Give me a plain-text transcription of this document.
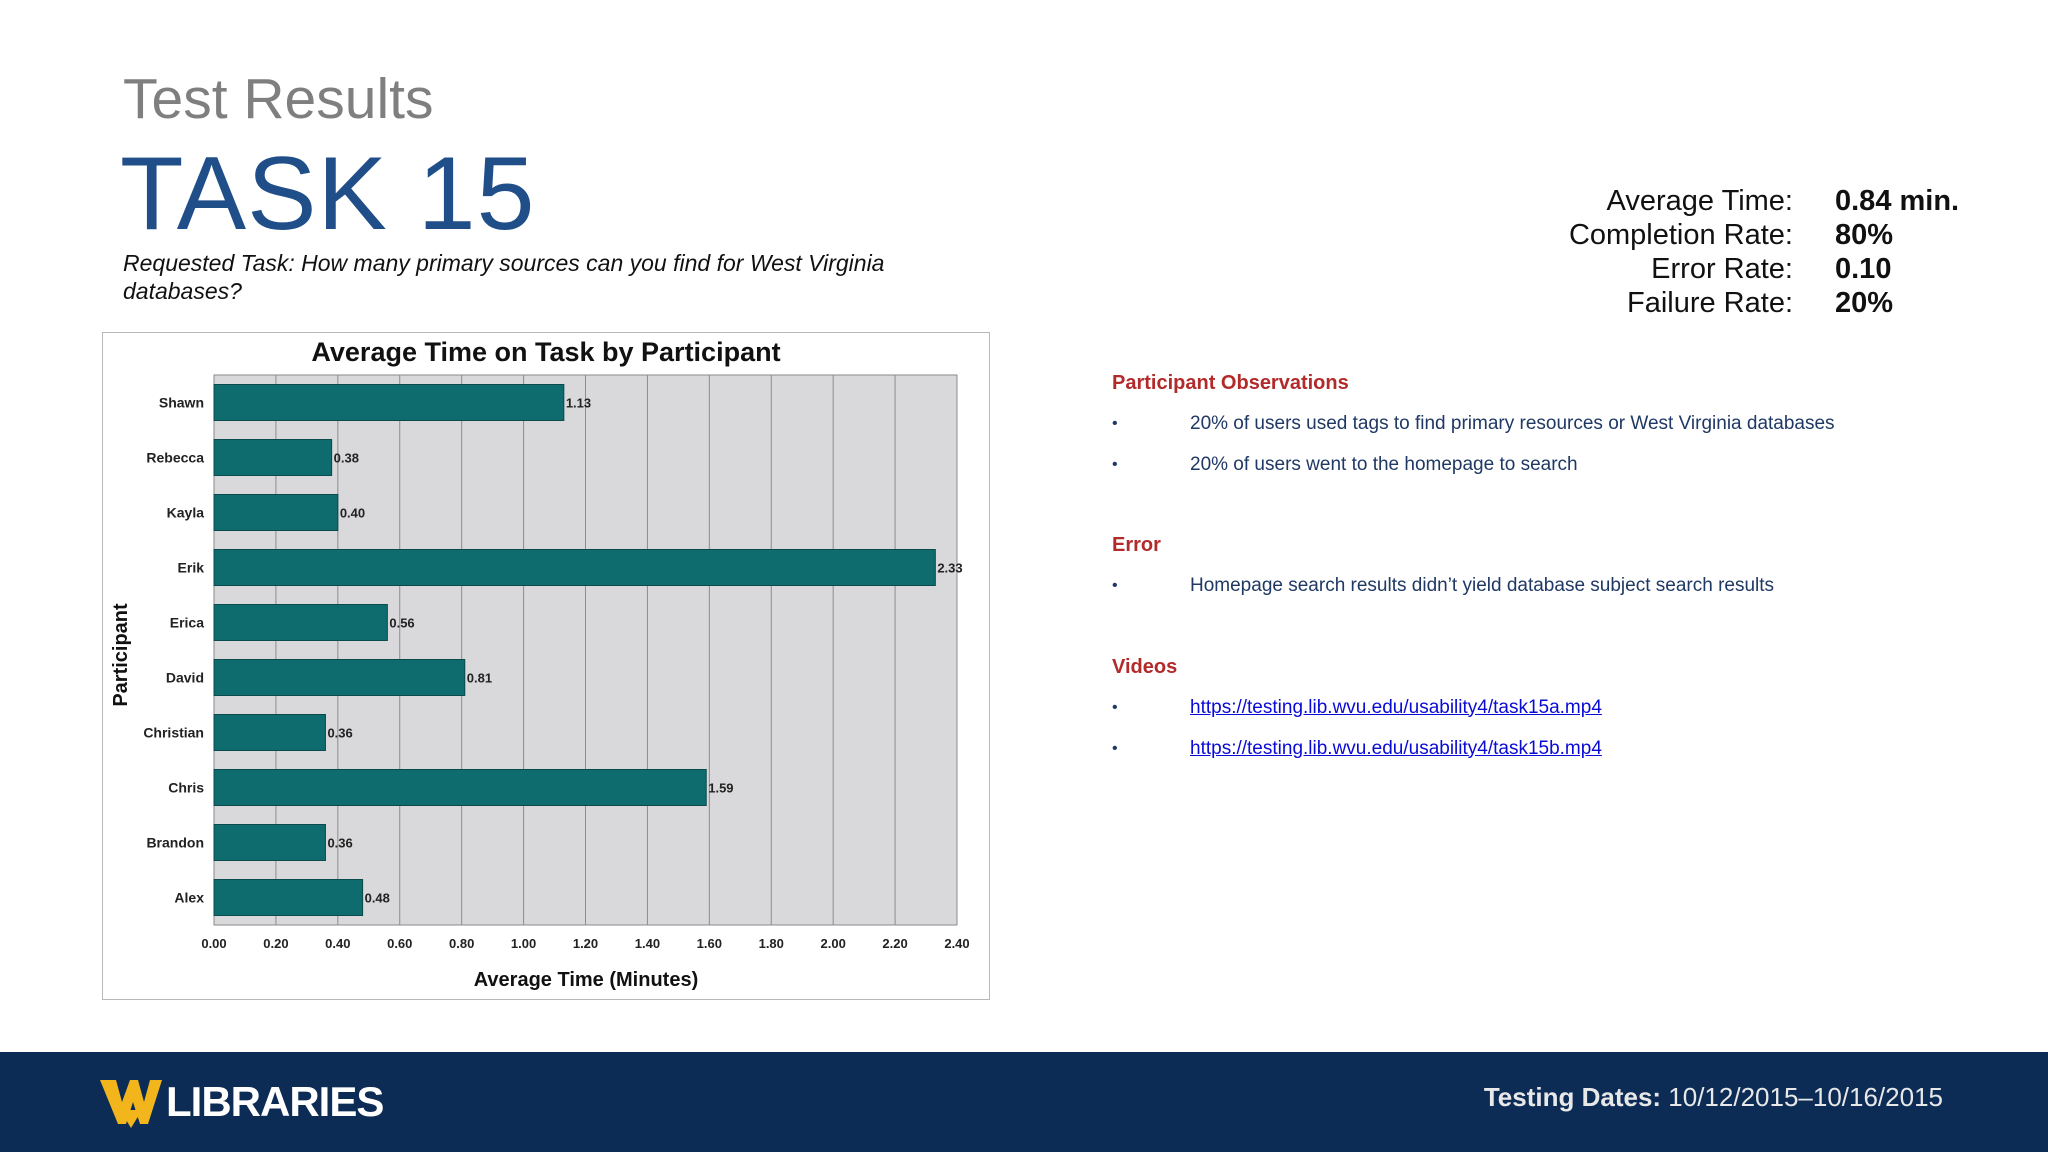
Test Results
TASK 15
Requested Task: How many primary sources can you find for West Virginia databases?
Average Time: 0.84 min.
Completion Rate: 80%
Error Rate: 0.10
Failure Rate: 20%
Participant Observations
•	20% of users used tags to find primary resources or West Virginia databases
•	20% of users went to the homepage to search
Error
•	Homepage search results didn’t yield database subject search results
Videos
•	https://testing.lib.wvu.edu/usability4/task15a.mp4
•	https://testing.lib.wvu.edu/usability4/task15b.mp4
Average Time on Task by Participant
0.00	0.20	0.40	0.60	0.80	1.00	1.20	1.40	1.60	1.80	2.00	2.20	2.40
Shawn	1.13
Rebecca	0.38
Kayla	0.40
Erik	2.33
Erica	0.56
David	0.81
Christian	0.36
Chris	1.59
Brandon	0.36
Alex	0.48
Average Time (Minutes)
Participant
LIBRARIES	Testing Dates: 10/12/2015–10/16/2015
